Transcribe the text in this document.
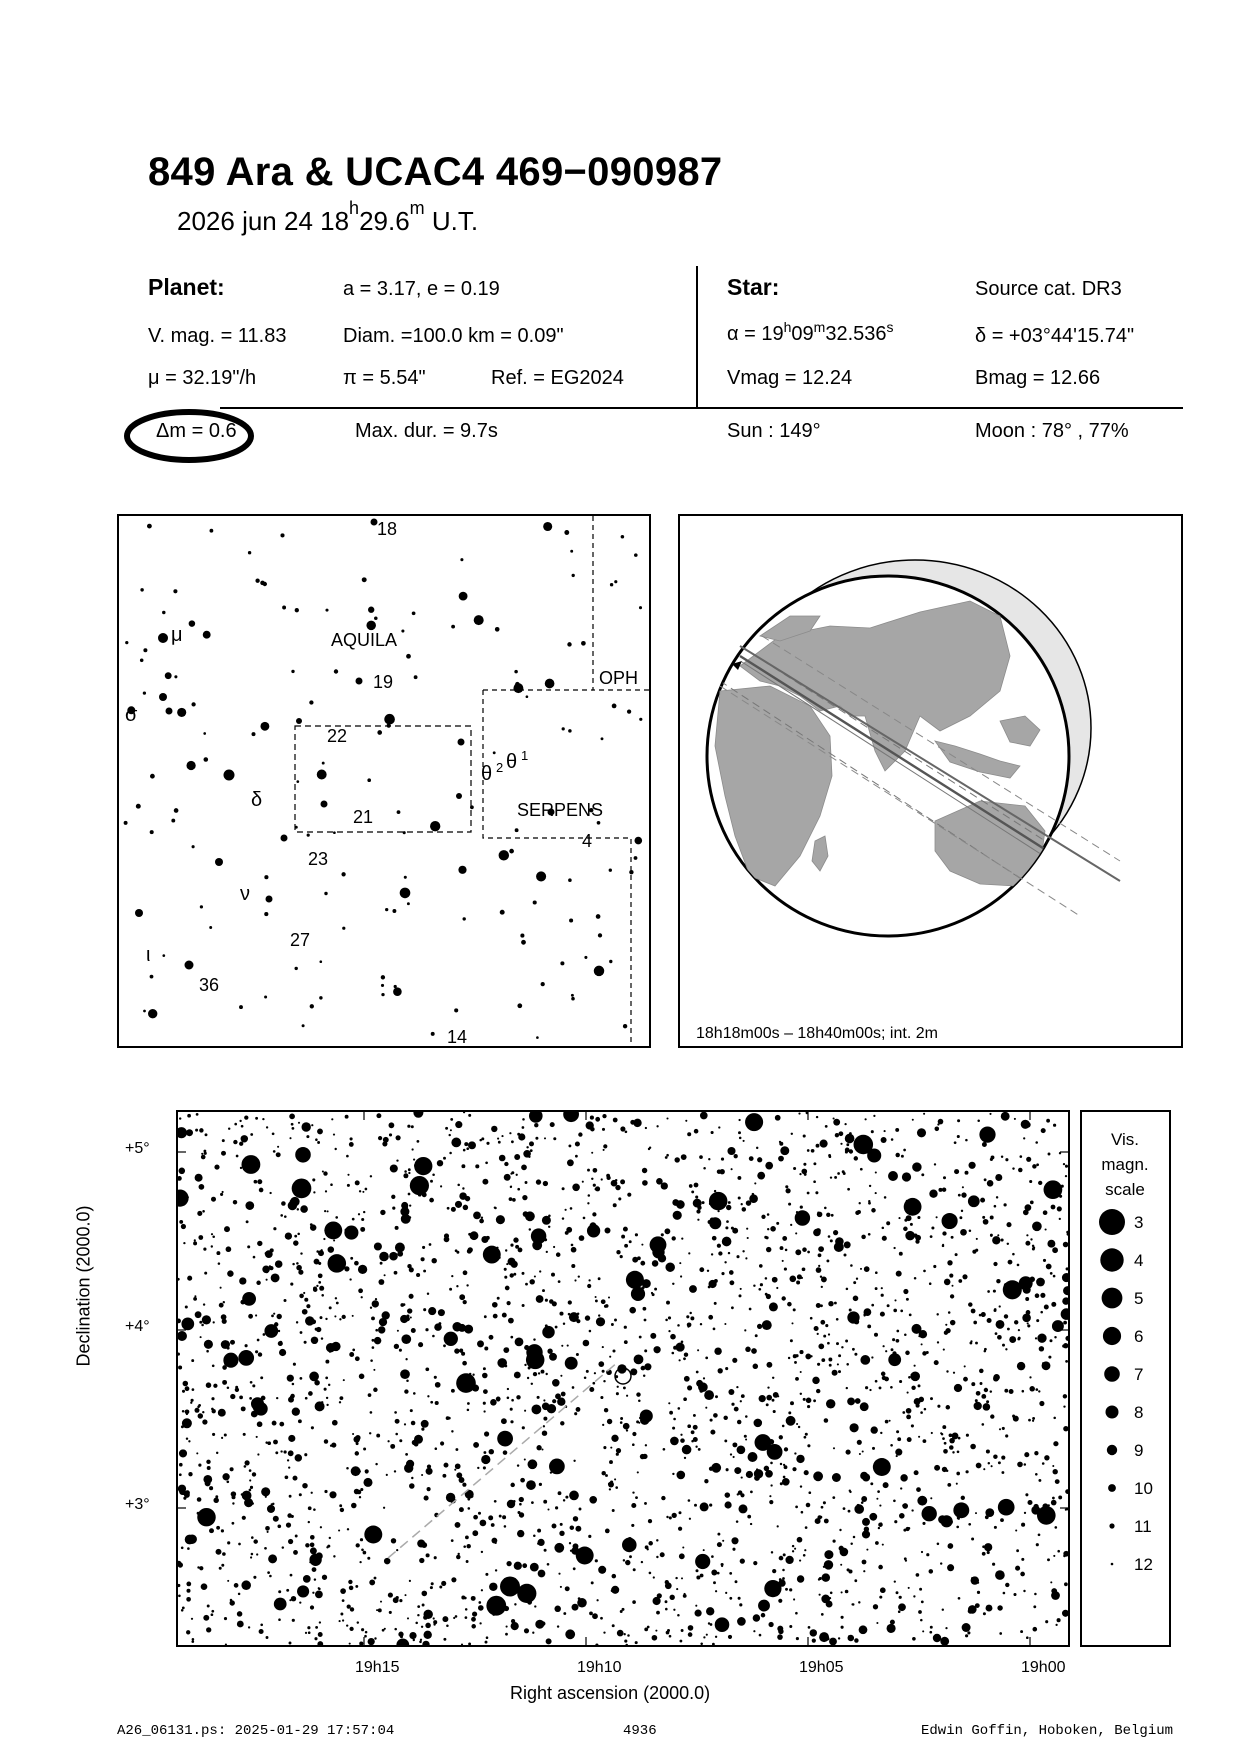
849 Ara & UCAC4 469−090987
2026 jun 24 18$^h$29.6$^m$ U.T.
Planet:	a = 3.17, e = 0.19
V. mag. = 11.83	Diam. =100.0 km = 0.09"
μ = 32.19"/h	π = 5.54"	Ref. = EG2024
Star:	Source cat. DR3
$\alpha = 19^h09^m32.536^s$	δ = +03°44'15.74"
Vmag = 12.24	Bmag = 12.66
Δm = 0.6	Max. dur. = 9.7s	Sun : 149°	Moon : 78° , 77%
AQUILA
OPH
SERPENS
18
μ
σ
19
22
θ 1
θ 2
δ
21
4
23
ν
27
ι
36
14	18h18m00s – 18h40m00s; int. 2m
Declination (2000.0)
+5°
+4°
+3°
19h15	19h10	19h05	19h00
Right ascension (2000.0)
Vis.
magn.
scale
3
4
5
6
7
8
9
10
11
12
A26_06131.ps: 2025-01-29 17:57:04	4936	Edwin Goffin, Hoboken, Belgium
